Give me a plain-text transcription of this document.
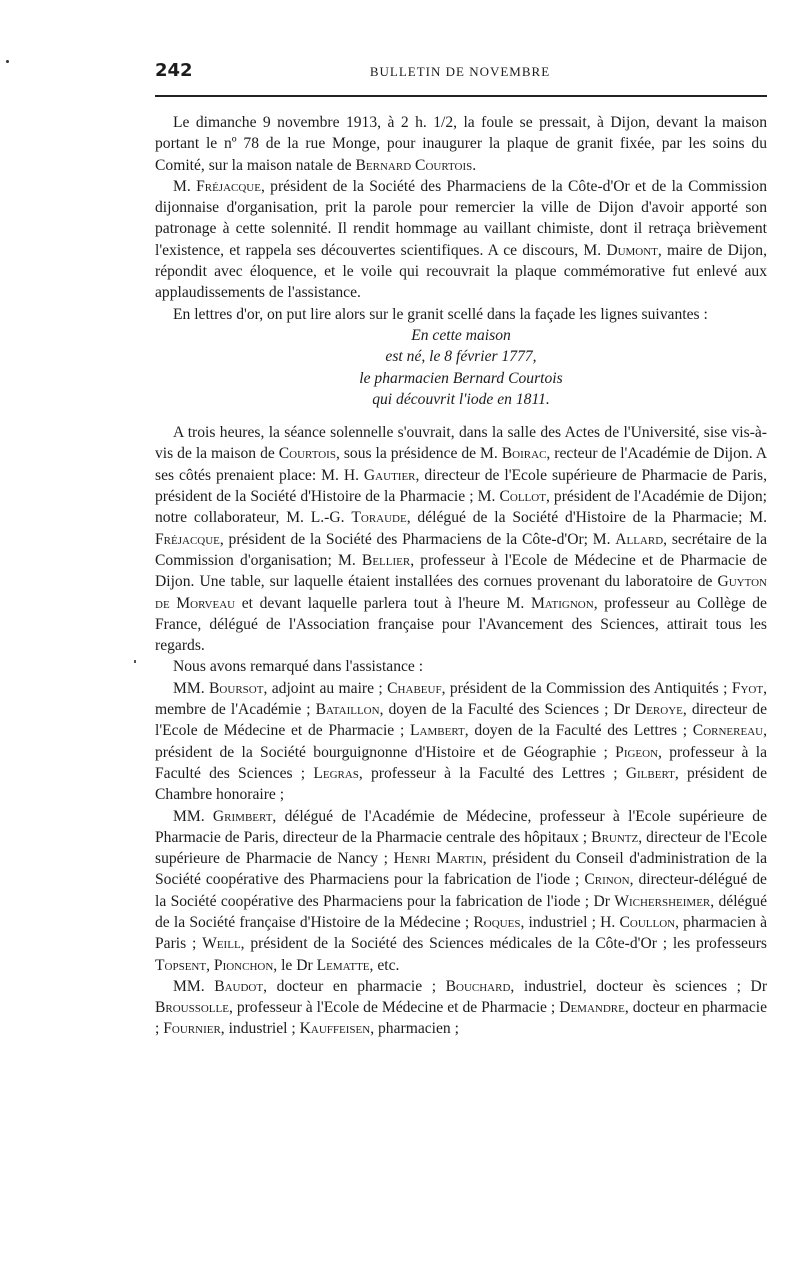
242	BULLETIN DE NOVEMBRE

Le dimanche 9 novembre 1913, à 2 h. 1/2, la foule se pressait, à Dijon, devant la maison portant le nº 78 de la rue Monge, pour inaugurer la plaque de granit fixée, par les soins du Comité, sur la maison natale de Bernard Courtois.

M. Fréjacque, président de la Société des Pharmaciens de la Côte-d'Or et de la Commission dijonnaise d'organisation, prit la parole pour remercier la ville de Dijon d'avoir apporté son patronage à cette solennité. Il rendit hommage au vaillant chimiste, dont il retraça brièvement l'existence, et rappela ses découvertes scientifiques. A ce discours, M. Dumont, maire de Dijon, répondit avec éloquence, et le voile qui recouvrait la plaque commémorative fut enlevé aux applaudissements de l'assistance.

En lettres d'or, on put lire alors sur le granit scellé dans la façade les lignes suivantes :

En cette maison
est né, le 8 février 1777,
le pharmacien Bernard Courtois
qui découvrit l'iode en 1811.

A trois heures, la séance solennelle s'ouvrait, dans la salle des Actes de l'Université, sise vis-à-vis de la maison de Courtois, sous la présidence de M. Boirac, recteur de l'Académie de Dijon. A ses côtés prenaient place: M. H. Gautier, directeur de l'Ecole supérieure de Pharmacie de Paris, président de la Société d'Histoire de la Pharmacie ; M. Collot, président de l'Académie de Dijon; notre collaborateur, M. L.-G. Toraude, délégué de la Société d'Histoire de la Pharmacie; M. Fréjacque, président de la Société des Pharmaciens de la Côte-d'Or; M. Allard, secrétaire de la Commission d'organisation; M. Bellier, professeur à l'Ecole de Médecine et de Pharmacie de Dijon. Une table, sur laquelle étaient installées des cornues provenant du laboratoire de Guyton de Morveau et devant laquelle parlera tout à l'heure M. Matignon, professeur au Collège de France, délégué de l'Association française pour l'Avancement des Sciences, attirait tous les regards.

Nous avons remarqué dans l'assistance :

MM. Boursot, adjoint au maire ; Chabeuf, président de la Commission des Antiquités ; Fyot, membre de l'Académie ; Bataillon, doyen de la Faculté des Sciences ; Dr Deroye, directeur de l'Ecole de Médecine et de Pharmacie ; Lambert, doyen de la Faculté des Lettres ; Cornereau, président de la Société bourguignonne d'Histoire et de Géographie ; Pigeon, professeur à la Faculté des Sciences ; Legras, professeur à la Faculté des Lettres ; Gilbert, président de Chambre honoraire ;

MM. Grimbert, délégué de l'Académie de Médecine, professeur à l'Ecole supérieure de Pharmacie de Paris, directeur de la Pharmacie centrale des hôpitaux ; Bruntz, directeur de l'Ecole supérieure de Pharmacie de Nancy ; Henri Martin, président du Conseil d'administration de la Société coopérative des Pharmaciens pour la fabrication de l'iode ; Crinon, directeur-délégué de la Société coopérative des Pharmaciens pour la fabrication de l'iode ; Dr Wichersheimer, délégué de la Société française d'Histoire de la Médecine ; Roques, industriel ; H. Coullon, pharmacien à Paris ; Weill, président de la Société des Sciences médicales de la Côte-d'Or ; les professeurs Topsent, Pionchon, le Dr Lematte, etc.

MM. Baudot, docteur en pharmacie ; Bouchard, industriel, docteur ès sciences ; Dr Broussolle, professeur à l'Ecole de Médecine et de Pharmacie ; Demandre, docteur en pharmacie ; Fournier, industriel ; Kauffeisen, pharmacien ;
